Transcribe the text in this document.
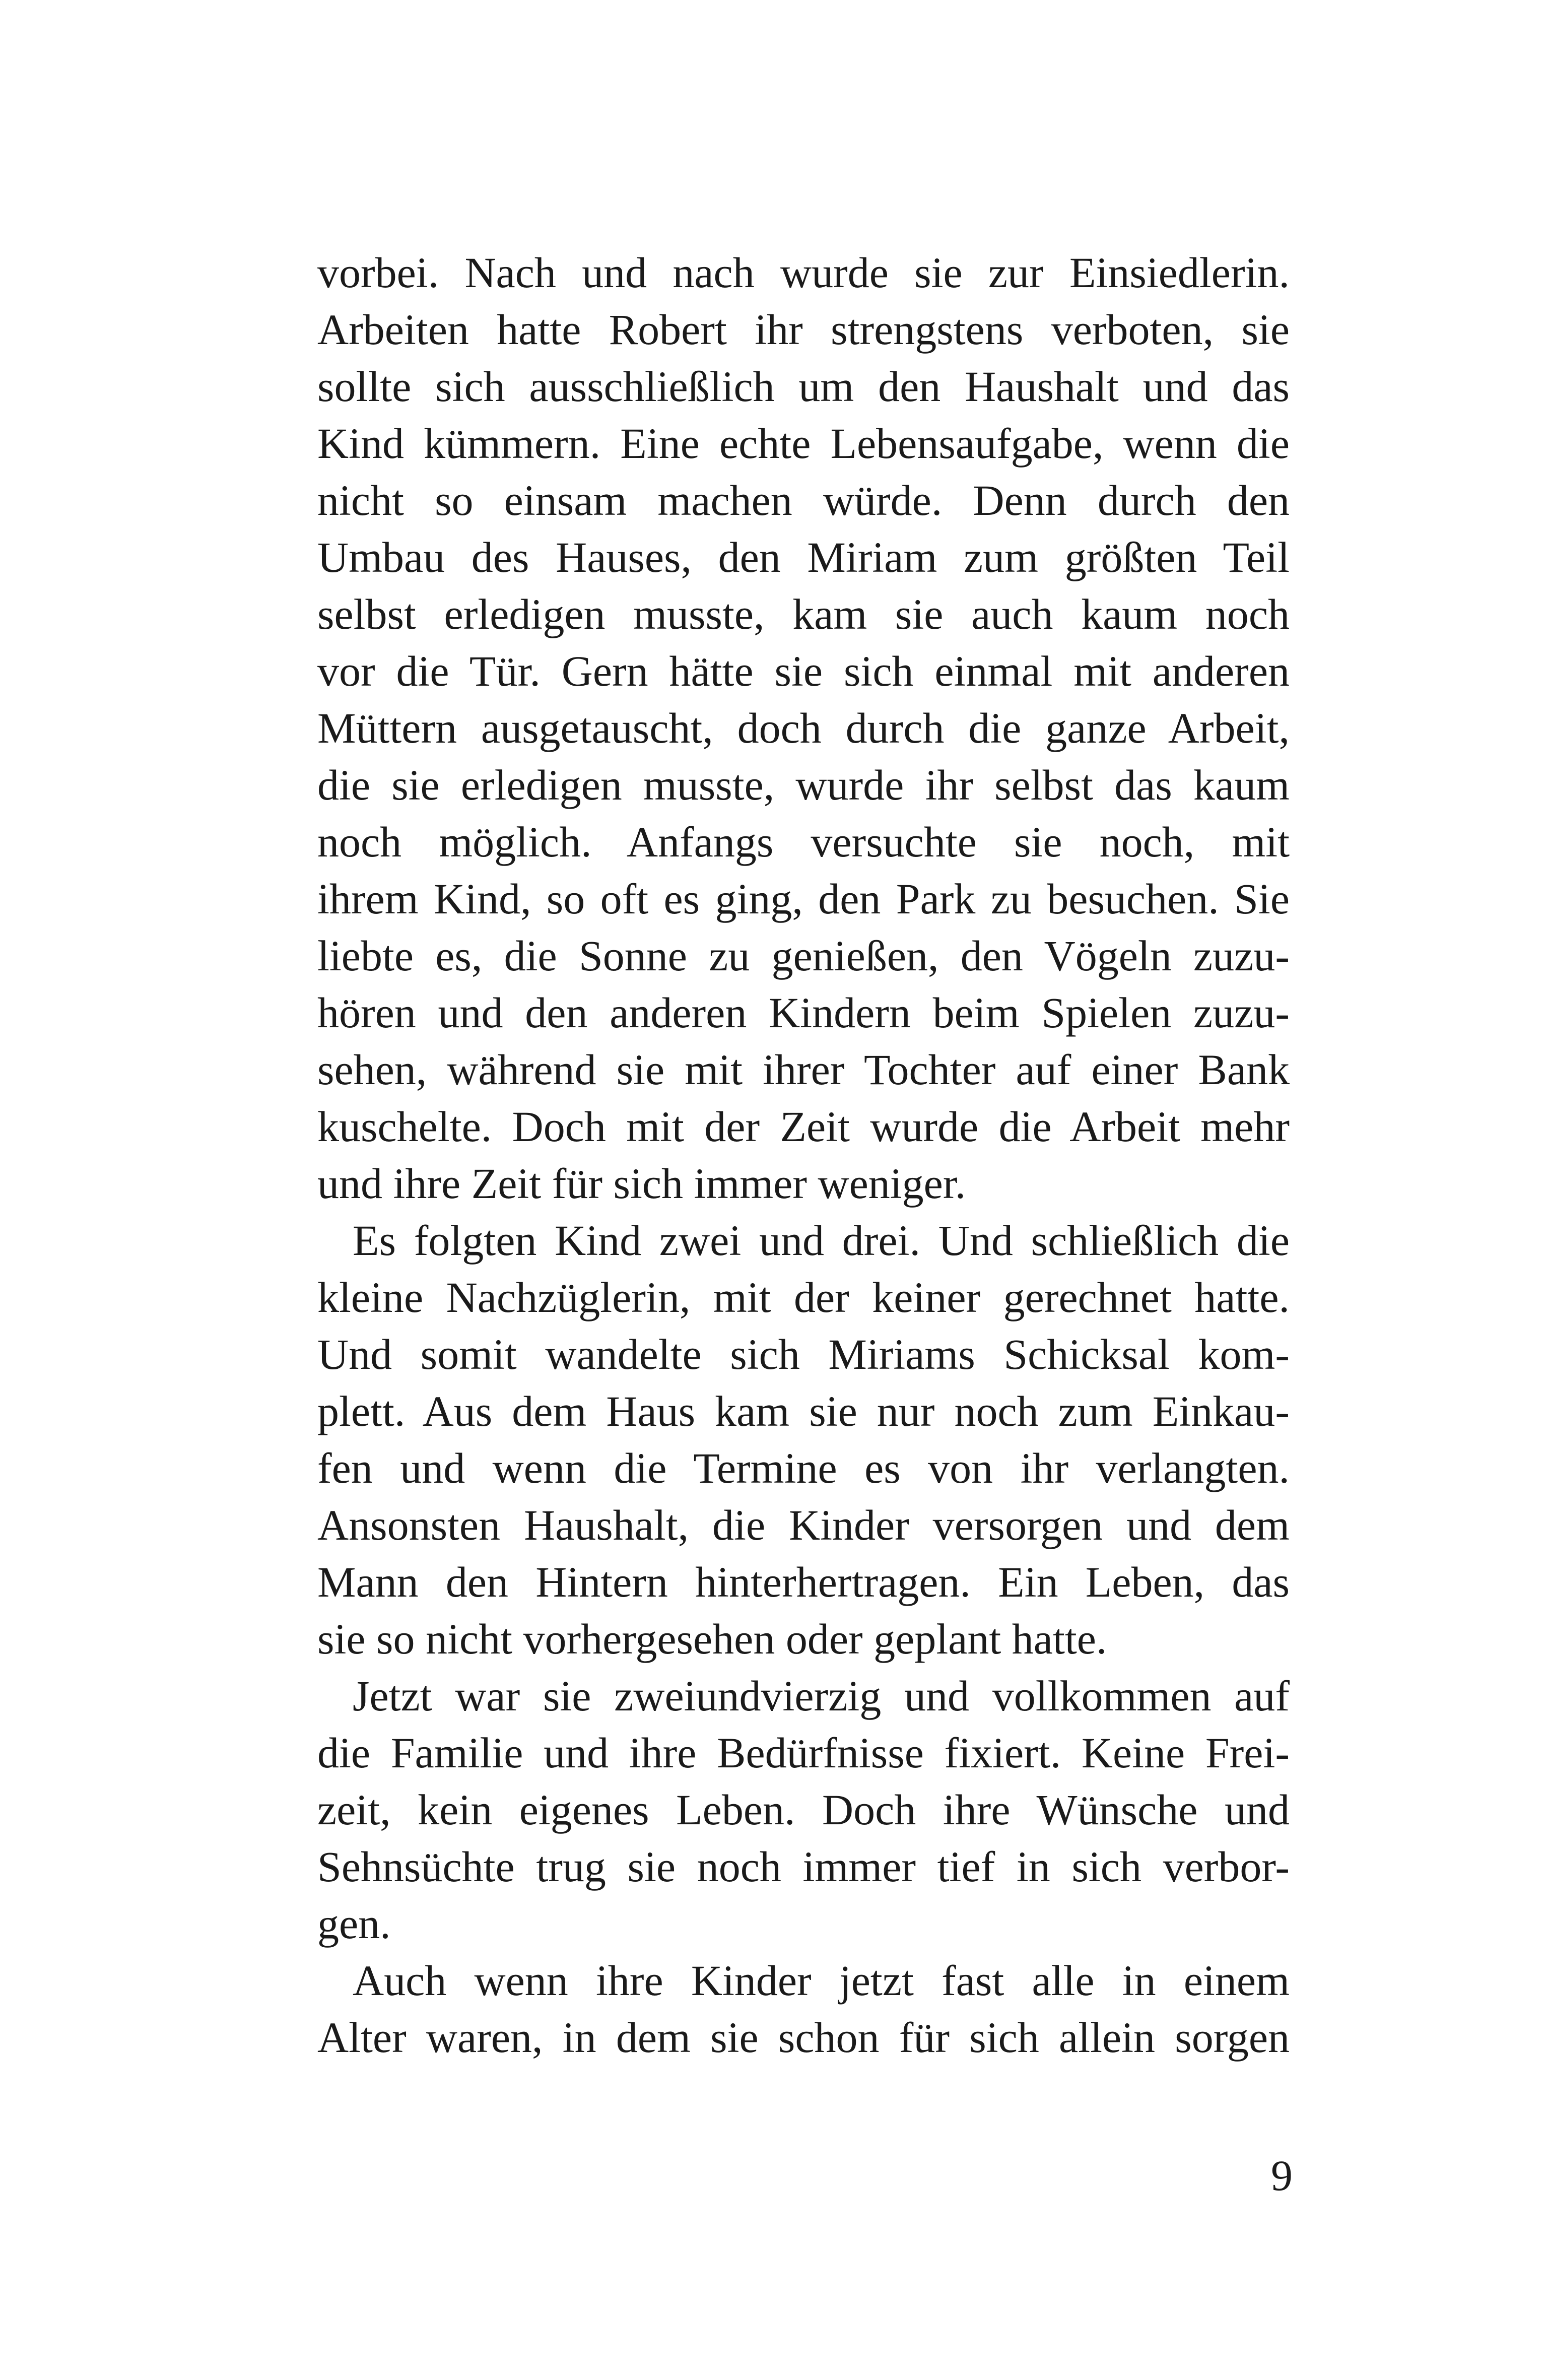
vorbei. Nach und nach wurde sie zur Einsiedlerin.
Arbeiten hatte Robert ihr strengstens verboten, sie
sollte sich ausschließlich um den Haushalt und das
Kind kümmern. Eine echte Lebensaufgabe, wenn die
nicht so einsam machen würde. Denn durch den
Umbau des Hauses, den Miriam zum größten Teil
selbst erledigen musste, kam sie auch kaum noch
vor die Tür. Gern hätte sie sich einmal mit anderen
Müttern ausgetauscht, doch durch die ganze Arbeit,
die sie erledigen musste, wurde ihr selbst das kaum
noch möglich. Anfangs versuchte sie noch, mit
ihrem Kind, so oft es ging, den Park zu besuchen. Sie
liebte es, die Sonne zu genießen, den Vögeln zuzu-
hören und den anderen Kindern beim Spielen zuzu-
sehen, während sie mit ihrer Tochter auf einer Bank
kuschelte. Doch mit der Zeit wurde die Arbeit mehr
und ihre Zeit für sich immer weniger.
Es folgten Kind zwei und drei. Und schließlich die
kleine Nachzüglerin, mit der keiner gerechnet hatte.
Und somit wandelte sich Miriams Schicksal kom-
plett. Aus dem Haus kam sie nur noch zum Einkau-
fen und wenn die Termine es von ihr verlangten.
Ansonsten Haushalt, die Kinder versorgen und dem
Mann den Hintern hinterhertragen. Ein Leben, das
sie so nicht vorhergesehen oder geplant hatte.
Jetzt war sie zweiundvierzig und vollkommen auf
die Familie und ihre Bedürfnisse fixiert. Keine Frei-
zeit, kein eigenes Leben. Doch ihre Wünsche und
Sehnsüchte trug sie noch immer tief in sich verbor-
gen.
Auch wenn ihre Kinder jetzt fast alle in einem
Alter waren, in dem sie schon für sich allein sorgen
9
